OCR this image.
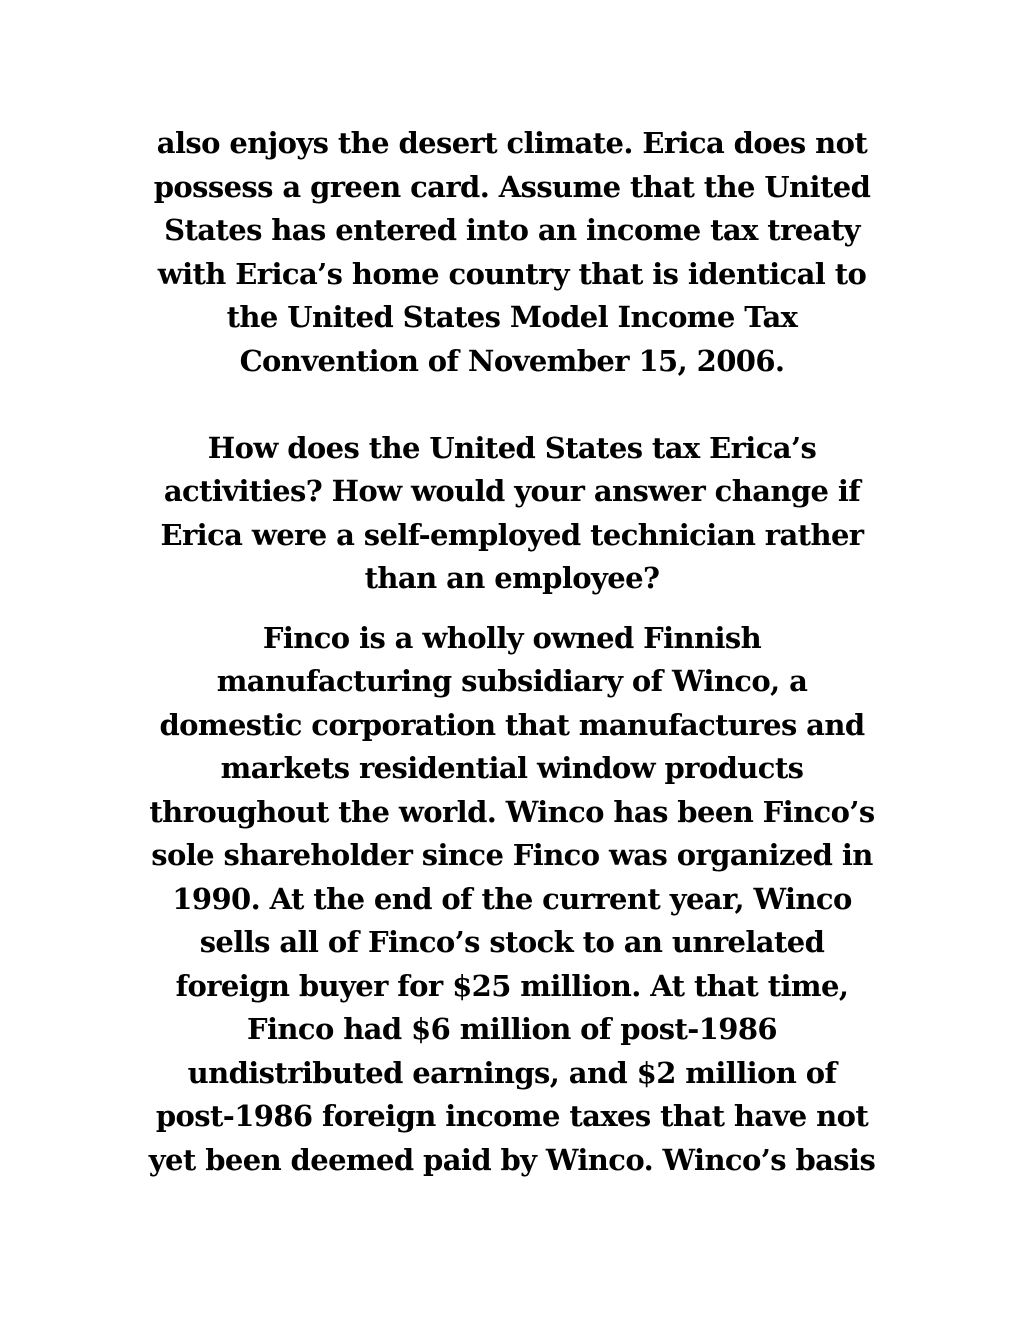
also enjoys the desert climate. Erica does not
possess a green card. Assume that the United
States has entered into an income tax treaty
with Erica’s home country that is identical to
the United States Model Income Tax
Convention of November 15, 2006.

How does the United States tax Erica’s
activities? How would your answer change if
Erica were a self-employed technician rather
than an employee?

Finco is a wholly owned Finnish
manufacturing subsidiary of Winco, a
domestic corporation that manufactures and
markets residential window products
throughout the world. Winco has been Finco’s
sole shareholder since Finco was organized in
1990. At the end of the current year, Winco
sells all of Finco’s stock to an unrelated
foreign buyer for $25 million. At that time,
Finco had $6 million of post-1986
undistributed earnings, and $2 million of
post-1986 foreign income taxes that have not
yet been deemed paid by Winco. Winco’s basis
